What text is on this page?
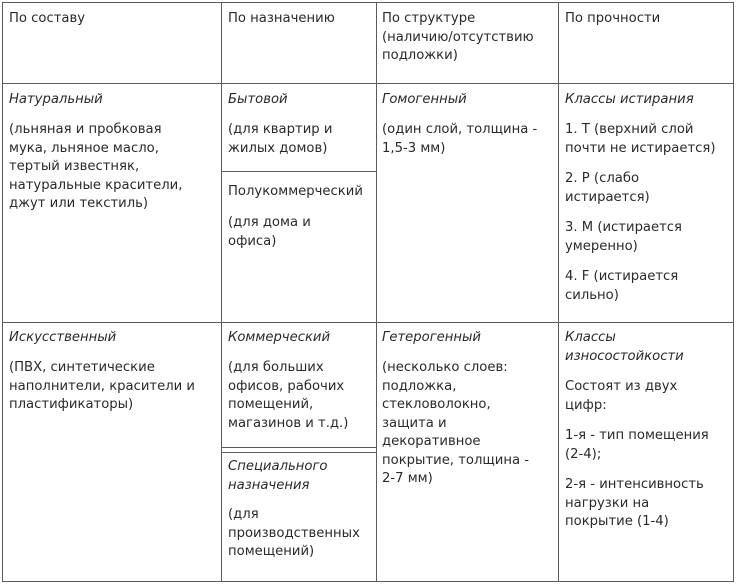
По составу	По назначению	По структуре
(наличию/отсутствию
подложки)
По прочности
Натуральный
(льняная и пробковая
мука, льняное масло,
тертый известняк,
натуральные красители,
джут или текстиль)
Искусственный
(ПВХ, синтетические
наполнители, красители и
пластификаторы)
Бытовой
(для квартир и
жилых домов)
Полукоммерческий
(для дома и
офиса)
Коммерческий
(для больших
офисов, рабочих
помещений,
магазинов и т.д.)
Специального
назначения
(для
производственных
помещений)
Гомогенный
(один слой, толщина -
1,5-3 мм)
Гетерогенный
(несколько слоев:
подложка,
стекловолокно,
защита и
декоративное
покрытие, толщина -
2-7 мм)
Классы истирания
1. T (верхний слой
почти не истирается)
2. P (слабо
истирается)
3. M (истирается
умеренно)
4. F (истирается
сильно)
Классы
износостойкости
Состоят из двух
цифр:
1-я - тип помещения
(2-4);
2-я - интенсивность
нагрузки на
покрытие (1-4)
